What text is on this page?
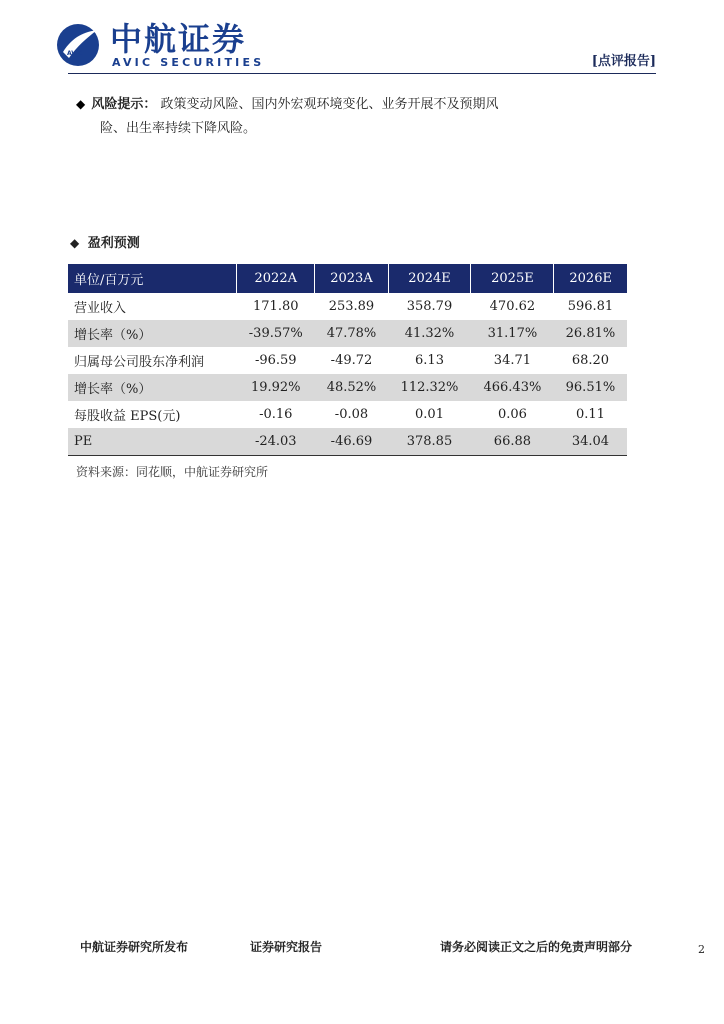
AVIC 中航证券
AVIC SECURITIES	[点评报告]
◆ 风险提示： 政策变动风险、国内外宏观环境变化、业务开展不及预期风
险、出生率持续下降风险。
◆ 盈利预测
单位/百万元	2022A	2023A	2024E	2025E	2026E
营业收入	171.80	253.89	358.79	470.62	596.81
增长率（%）	-39.57%	47.78%	41.32%	31.17%	26.81%
归属母公司股东净利润	-96.59	-49.72	6.13	34.71	68.20
增长率（%）	19.92%	48.52%	112.32%	466.43%	96.51%
每股收益 EPS(元)	-0.16	-0.08	0.01	0.06	0.11
PE	-24.03	-46.69	378.85	66.88	34.04
资料来源：同花顺，中航证券研究所
中航证券研究所发布	证券研究报告	请务必阅读正文之后的免责声明部分	2
